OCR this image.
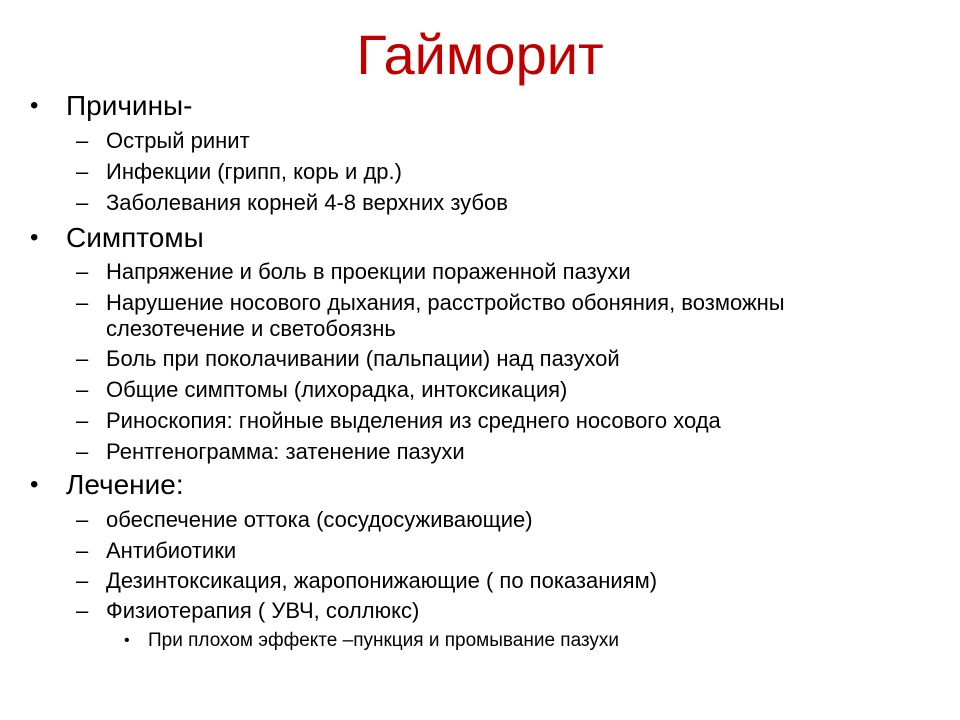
Гайморит
• Причины-
– Острый ринит
– Инфекции (грипп, корь и др.)
– Заболевания корней 4-8 верхних зубов
• Симптомы
– Напряжение и боль в проекции пораженной пазухи
– Нарушение носового дыхания, расстройство обоняния, возможны
слезотечение и светобоязнь
– Боль при поколачивании (пальпации) над пазухой
– Общие симптомы (лихорадка, интоксикация)
– Риноскопия: гнойные выделения из среднего носового хода
– Рентгенограмма: затенение пазухи
• Лечение:
– обеспечение оттока (сосудосуживающие)
– Антибиотики
– Дезинтоксикация, жаропонижающие ( по показаниям)
– Физиотерапия ( УВЧ, соллюкс)
• При плохом эффекте –пункция и промывание пазухи
